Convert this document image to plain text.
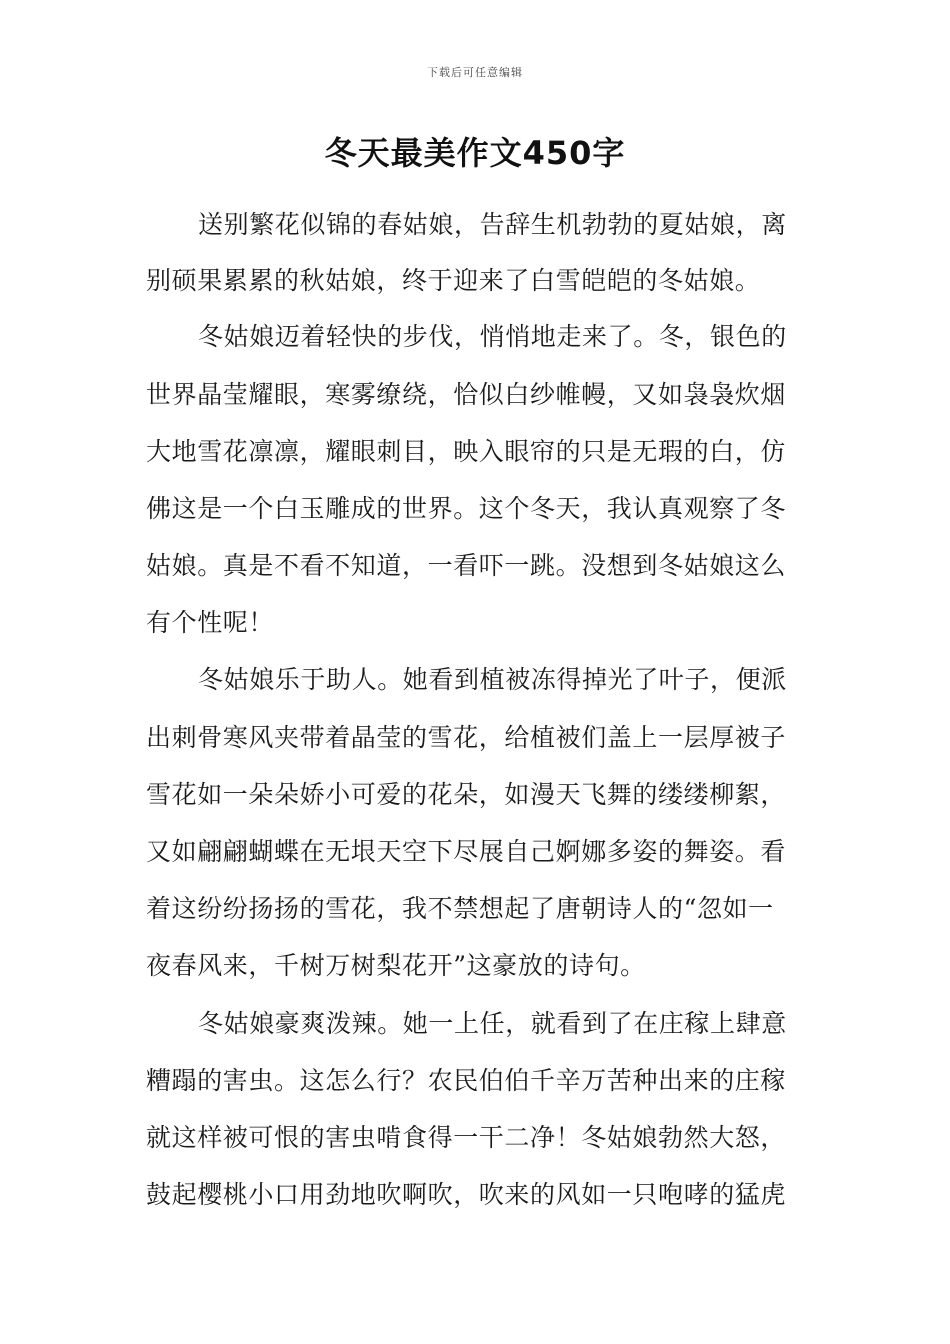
下载后可任意编辑
冬天最美作文450字
送别繁花似锦的春姑娘，告辞生机勃勃的夏姑娘，离
别硕果累累的秋姑娘，终于迎来了白雪皑皑的冬姑娘。
冬姑娘迈着轻快的步伐，悄悄地走来了。冬，银色的
世界晶莹耀眼，寒雾缭绕，恰似白纱帷幔，又如袅袅炊烟
大地雪花凛凛，耀眼刺目，映入眼帘的只是无瑕的白，仿
佛这是一个白玉雕成的世界。这个冬天，我认真观察了冬
姑娘。真是不看不知道，一看吓一跳。没想到冬姑娘这么
有个性呢！
冬姑娘乐于助人。她看到植被冻得掉光了叶子，便派
出刺骨寒风夹带着晶莹的雪花，给植被们盖上一层厚被子
雪花如一朵朵娇小可爱的花朵，如漫天飞舞的缕缕柳絮，
又如翩翩蝴蝶在无垠天空下尽展自己婀娜多姿的舞姿。看
着这纷纷扬扬的雪花，我不禁想起了唐朝诗人的“忽如一
夜春风来，千树万树梨花开”这豪放的诗句。
冬姑娘豪爽泼辣。她一上任，就看到了在庄稼上肆意
糟蹋的害虫。这怎么行？农民伯伯千辛万苦种出来的庄稼
就这样被可恨的害虫啃食得一干二净！冬姑娘勃然大怒，
鼓起樱桃小口用劲地吹啊吹，吹来的风如一只咆哮的猛虎
